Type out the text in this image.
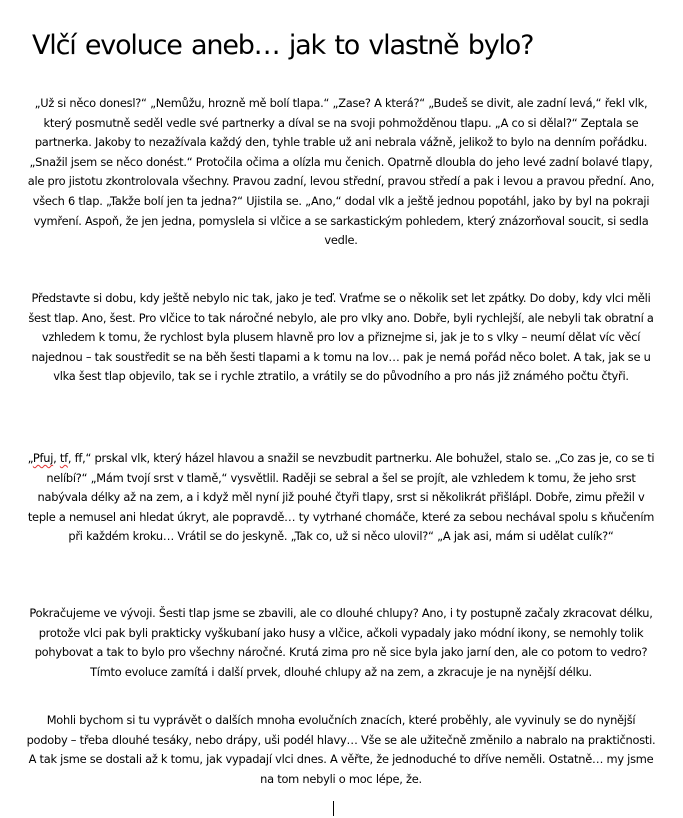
Vlčí evoluce aneb… jak to vlastně bylo?

„Už si něco donesl?“ „Nemůžu, hrozně mě bolí tlapa.“ „Zase? A která?“ „Budeš se divit, ale zadní levá,“ řekl vlk, který posmutně seděl vedle své partnerky a díval se na svoji pohmožděnou tlapu. „A co si dělal?“ Zeptala se partnerka. Jakoby to nezažívala každý den, tyhle trable už ani nebrala vážně, jelikož to bylo na denním pořádku. „Snažil jsem se něco donést.“ Protočila očima a olízla mu čenich. Opatrně dloubla do jeho levé zadní bolavé tlapy, ale pro jistotu zkontrolovala všechny. Pravou zadní, levou střední, pravou středí a pak i levou a pravou přední. Ano, všech 6 tlap. „Takže bolí jen ta jedna?“ Ujistila se. „Ano,“ dodal vlk a ještě jednou popotáhl, jako by byl na pokraji vymření. Aspoň, že jen jedna, pomyslela si vlčice a se sarkastickým pohledem, který znázorňoval soucit, si sedla vedle.

Představte si dobu, kdy ještě nebylo nic tak, jako je teď. Vraťme se o několik set let zpátky. Do doby, kdy vlci měli šest tlap. Ano, šest. Pro vlčice to tak náročné nebylo, ale pro vlky ano. Dobře, byli rychlejší, ale nebyli tak obratní a vzhledem k tomu, že rychlost byla plusem hlavně pro lov a přiznejme si, jak je to s vlky – neumí dělat víc věcí najednou – tak soustředit se na běh šesti tlapami a k tomu na lov… pak je nemá pořád něco bolet. A tak, jak se u vlka šest tlap objevilo, tak se i rychle ztratilo, a vrátily se do původního a pro nás již známého počtu čtyři.

„Pfuj, tf, ff,“ prskal vlk, který házel hlavou a snažil se nevzbudit partnerku. Ale bohužel, stalo se. „Co zas je, co se ti nelíbí?“ „Mám tvojí srst v tlamě,“ vysvětlil. Raději se sebral a šel se projít, ale vzhledem k tomu, že jeho srst nabývala délky až na zem, a i když měl nyní již pouhé čtyři tlapy, srst si několikrát přišlápl. Dobře, zimu přežil v teple a nemusel ani hledat úkryt, ale popravdě… ty vytrhané chomáče, které za sebou nechával spolu s kňučením při každém kroku… Vrátil se do jeskyně. „Tak co, už si něco ulovil?“ „A jak asi, mám si udělat culík?“

Pokračujeme ve vývoji. Šesti tlap jsme se zbavili, ale co dlouhé chlupy? Ano, i ty postupně začaly zkracovat délku, protože vlci pak byli prakticky vyškubaní jako husy a vlčice, ačkoli vypadaly jako módní ikony, se nemohly tolik pohybovat a tak to bylo pro všechny náročné. Krutá zima pro ně sice byla jako jarní den, ale co potom to vedro? Tímto evoluce zamítá i další prvek, dlouhé chlupy až na zem, a zkracuje je na nynější délku.

Mohli bychom si tu vyprávět o dalších mnoha evolučních znacích, které proběhly, ale vyvinuly se do nynější podoby – třeba dlouhé tesáky, nebo drápy, uši podél hlavy… Vše se ale užitečně změnilo a nabralo na praktičnosti. A tak jsme se dostali až k tomu, jak vypadají vlci dnes. A věřte, že jednoduché to dříve neměli. Ostatně… my jsme na tom nebyli o moc lépe, že.
